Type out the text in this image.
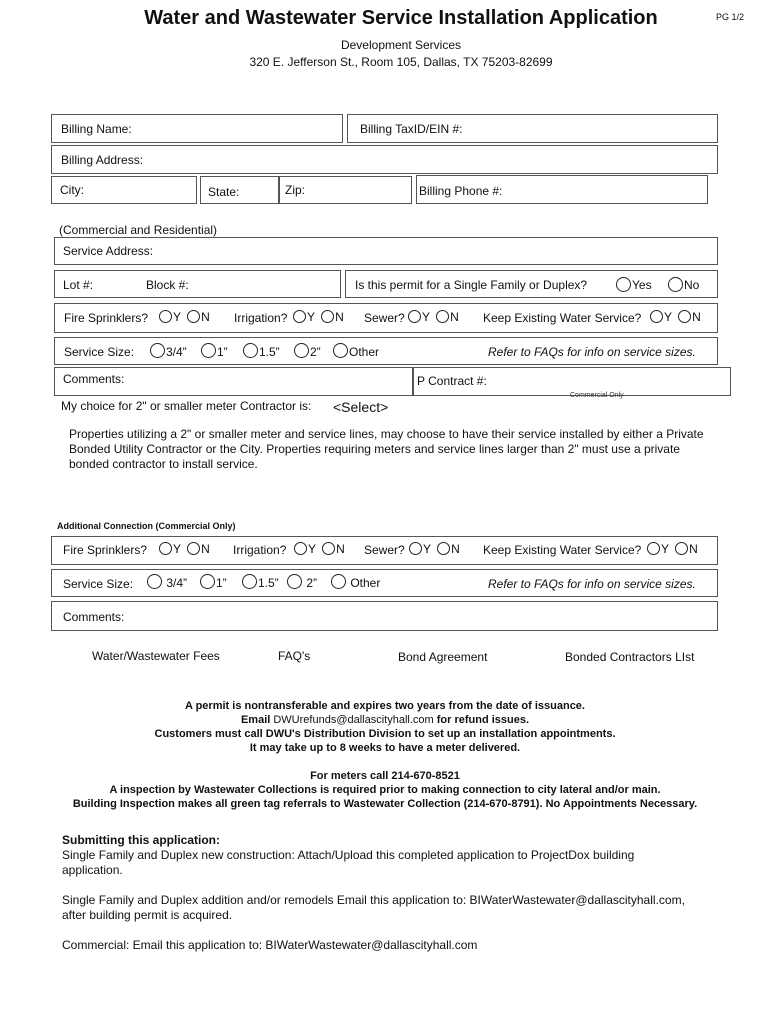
Water and Wastewater Service Installation Application	PG 1/2
Development Services
320 E. Jefferson St., Room 105, Dallas, TX 75203-82699
Billing Name:	Billing TaxID/EIN #:
Billing Address:
City:	State:	Zip:	Billing Phone #:
(Commercial and Residential)
Service Address:
Lot #:	Block #:	Is this permit for a Single Family or Duplex?	Yes	No
Fire Sprinklers?	Y N Irrigation?	Y N Sewer?	Y N Keep Existing Water Service?	Y N
Service Size:	3/4”	1”	1.5”	2”	Other	Refer to FAQs for info on service sizes.
Comments:	P Contract #:
Commercial Only
My choice for 2" or smaller meter Contractor is: <Select>
Properties utilizing a 2" or smaller meter and service lines, may choose to have their service installed by either a Private Bonded Utility Contractor or the City. Properties requiring meters and service lines larger than 2" must use a private bonded contractor to install service.
Additional Connection (Commercial Only)
Fire Sprinklers?	Y N Irrigation?	Y N Sewer?	Y N Keep Existing Water Service?	Y N
Service Size:	3/4”	1”	1.5”	2”	Other	Refer to FAQs for info on service sizes.
Comments:
Water/Wastewater Fees	FAQ's	Bond Agreement	Bonded Contractors LIst
A permit is nontransferable and expires two years from the date of issuance.
Email DWUrefunds@dallascityhall.com for refund issues.
Customers must call DWU's Distribution Division to set up an installation appointments.
It may take up to 8 weeks to have a meter delivered.
For meters call 214-670-8521
A inspection by Wastewater Collections is required prior to making connection to city lateral and/or main.
Building Inspection makes all green tag referrals to Wastewater Collection (214-670-8791). No Appointments Necessary.
Submitting this application:
Single Family and Duplex new construction: Attach/Upload this completed application to ProjectDox building application.
Single Family and Duplex addition and/or remodels Email this application to: BIWaterWastewater@dallascityhall.com, after building permit is acquired.
Commercial: Email this application to: BIWaterWastewater@dallascityhall.com
